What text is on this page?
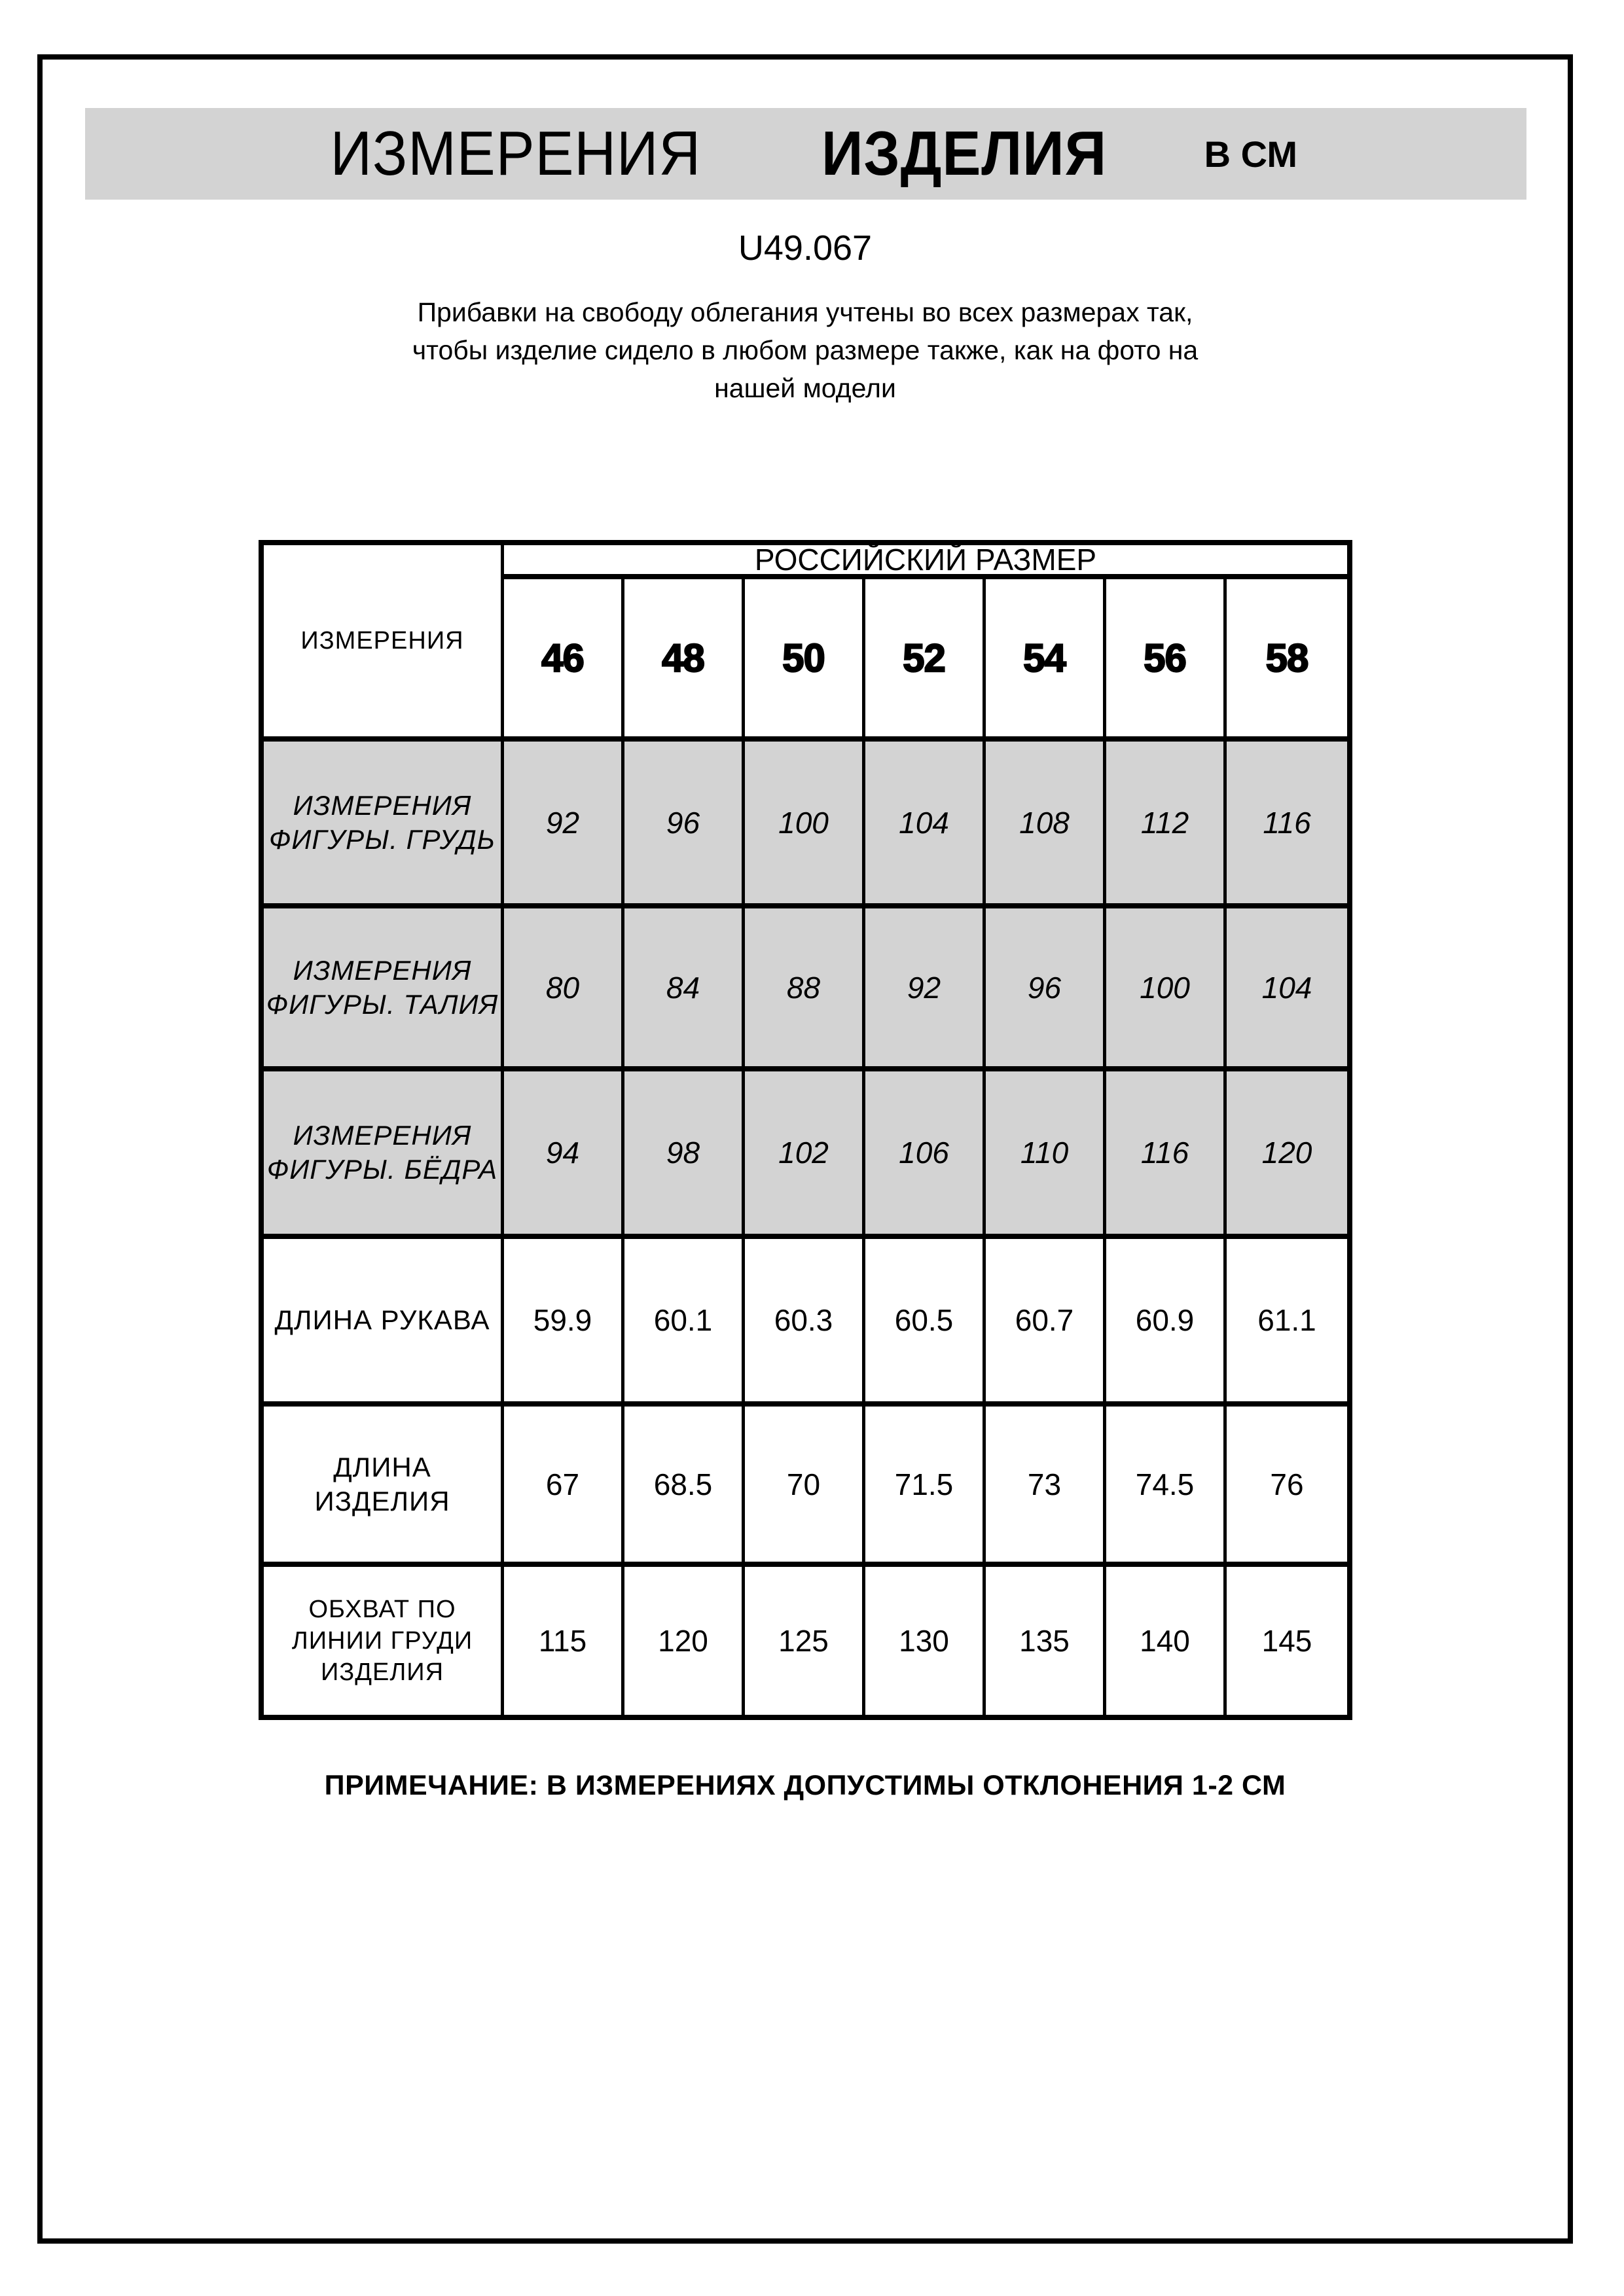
ИЗМЕРЕНИЯ ИЗДЕЛИЯ	В СМ
U49.067
Прибавки на свободу облегания учтены во всех размерах так,
чтобы изделие сидело в любом размере также, как на фото на
нашей модели
ИЗМЕРЕНИЯ
РОССИЙСКИЙ РАЗМЕР
46	48	50	52	54	56	58
ИЗМЕРЕНИЯ
ФИГУРЫ. ГРУДЬ	92	96	100	104	108	112	116
ИЗМЕРЕНИЯ
ФИГУРЫ. ТАЛИЯ	80	84	88	92	96	100	104
ИЗМЕРЕНИЯ
ФИГУРЫ. БЁДРА	94	98	102	106	110	116	120
ДЛИНА РУКАВА	59.9	60.1	60.3	60.5	60.7	60.9	61.1
ДЛИНА ИЗДЕЛИЯ	67	68.5	70	71.5	73	74.5	76
ОБХВАТ ПО
ЛИНИИ ГРУДИ
ИЗДЕЛИЯ
115	120	125	130	135	140	145
ПРИМЕЧАНИЕ: В ИЗМЕРЕНИЯХ ДОПУСТИМЫ ОТКЛОНЕНИЯ 1-2 СМ
